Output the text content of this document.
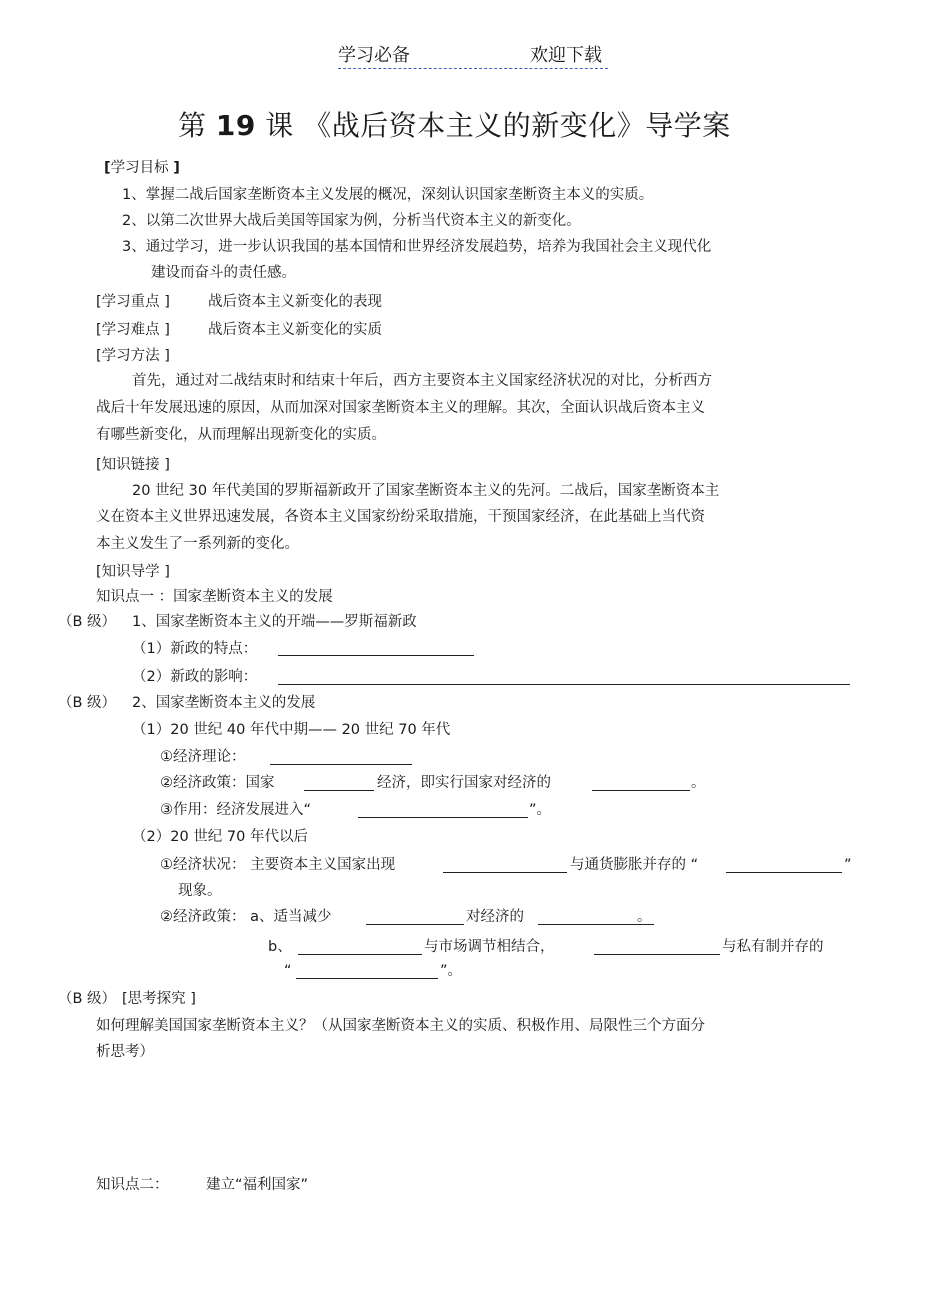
学习必备	欢迎下载
第 19 课 《战后资本主义的新变化》导学案
[学习目标 ]
1、掌握二战后国家垄断资本主义发展的概况，深刻认识国家垄断资主本义的实质。
2、以第二次世界大战后美国等国家为例，分析当代资本主义的新变化。
3、通过学习，进一步认识我国的基本国情和世界经济发展趋势，培养为我国社会主义现代化
建设而奋斗的责任感。
[学习重点 ]	战后资本主义新变化的表现
[学习难点 ]	战后资本主义新变化的实质
[学习方法 ]
首先，通过对二战结束时和结束十年后，西方主要资本主义国家经济状况的对比，分析西方
战后十年发展迅速的原因，从而加深对国家垄断资本主义的理解。其次，全面认识战后资本主义
有哪些新变化，从而理解出现新变化的实质。
[知识链接 ]
20 世纪 30 年代美国的罗斯福新政开了国家垄断资本主义的先河。二战后，国家垄断资本主
义在资本主义世界迅速发展，各资本主义国家纷纷采取措施，干预国家经济，在此基础上当代资
本主义发生了一系列新的变化。
[知识导学 ]
知识点一 ：国家垄断资本主义的发展
（B 级） 1、国家垄断资本主义的开端——罗斯福新政
（1）新政的特点：
（2）新政的影响：
（B 级） 2、国家垄断资本主义的发展
（1）20 世纪 40 年代中期—— 20 世纪 70 年代
①经济理论：
②经济政策：国家	经济，即实行国家对经济的	。
③作用：经济发展进入“	”。
（2）20 世纪 70 年代以后
①经济状况： 主要资本主义国家出现	与通货膨胀并存的 “	”
现象。
②经济政策： a、适当减少	对经济的	。
b、	与市场调节相结合，	与私有制并存的
“	”。
（B 级） [思考探究 ]
如何理解美国国家垄断资本主义？（从国家垄断资本主义的实质、积极作用、局限性三个方面分
析思考）
知识点二：	建立“福利国家”
